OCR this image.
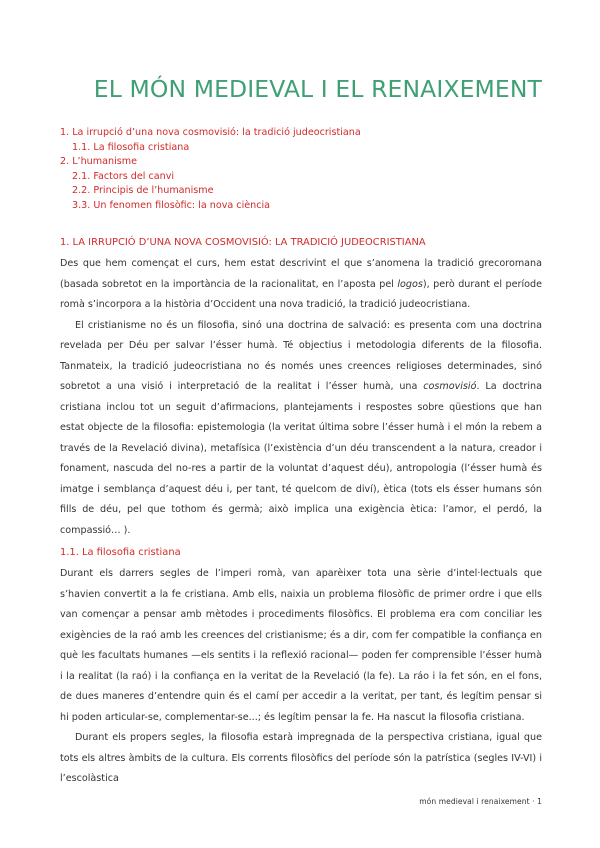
EL MÓN MEDIEVAL I EL RENAIXEMENT
1. La irrupció d’una nova cosmovisió: la tradició judeocristiana
1.1. La filosofia cristiana
2. L’humanisme
2.1. Factors del canvi
2.2. Principis de l’humanisme
3.3. Un fenomen filosòfic: la nova ciència
1. LA IRRUPCIÓ D’UNA NOVA COSMOVISIÓ: LA TRADICIÓ JUDEOCRISTIANA

Des que hem començat el curs, hem estat descrivint el que s’anomena la tradició grecoromana (basada sobretot en la importància de la racionalitat, en l’aposta pel logos), però durant el període romà s’incorpora a la història d’Occident una nova tradició, la tradició judeocristiana.

El cristianisme no és un filosofia, sinó una doctrina de salvació: es presenta com una doctrina revelada per Déu per salvar l’ésser humà. Té objectius i metodologia diferents de la filosofia. Tanmateix, la tradició judeocristiana no és només unes creences religioses determinades, sinó sobretot a una visió i interpretació de la realitat i l’ésser humà, una cosmovisió. La doctrina cristiana inclou tot un seguit d’afirmacions, plantejaments i respostes sobre qüestions que han estat objecte de la filosofia: epistemologia (la veritat última sobre l’ésser humà i el món la rebem a través de la Revelació divina), metafísica (l’existència d’un déu transcendent a la natura, creador i fonament, nascuda del no-res a partir de la voluntat d’aquest déu), antropologia (l’ésser humà és imatge i semblança d’aquest déu i, per tant, té quelcom de diví), ètica (tots els ésser humans són fills de déu, pel que tothom és germà; això implica una exigència ètica: l’amor, el perdó, la compassió… ).

1.1. La filosofia cristiana

Durant els darrers segles de l’imperi romà, van aparèixer tota una sèrie d’intel·lectuals que s’havien convertit a la fe cristiana. Amb ells, naixia un problema filosòfic de primer ordre i que ells van començar a pensar amb mètodes i procediments filosòfics. El problema era com conciliar les exigències de la raó amb les creences del cristianisme; és a dir, com fer compatible la confiança en què les facultats humanes —els sentits i la reflexió racional— poden fer comprensible l’ésser humà i la realitat (la raó) i la confiança en la veritat de la Revelació (la fe). La ráo i la fet són, en el fons, de dues maneres d’entendre quin és el camí per accedir a la veritat, per tant, és legítim pensar si hi poden articular-se, complementar-se...; és legítim pensar la fe. Ha nascut la filosofia cristiana.

Durant els propers segles, la filosofia estarà impregnada de la perspectiva cristiana, igual que tots els altres àmbits de la cultura. Els corrents filosòfics del període són la patrística (segles IV-VI) i l’escolàstica

món medieval i renaixement · 1
